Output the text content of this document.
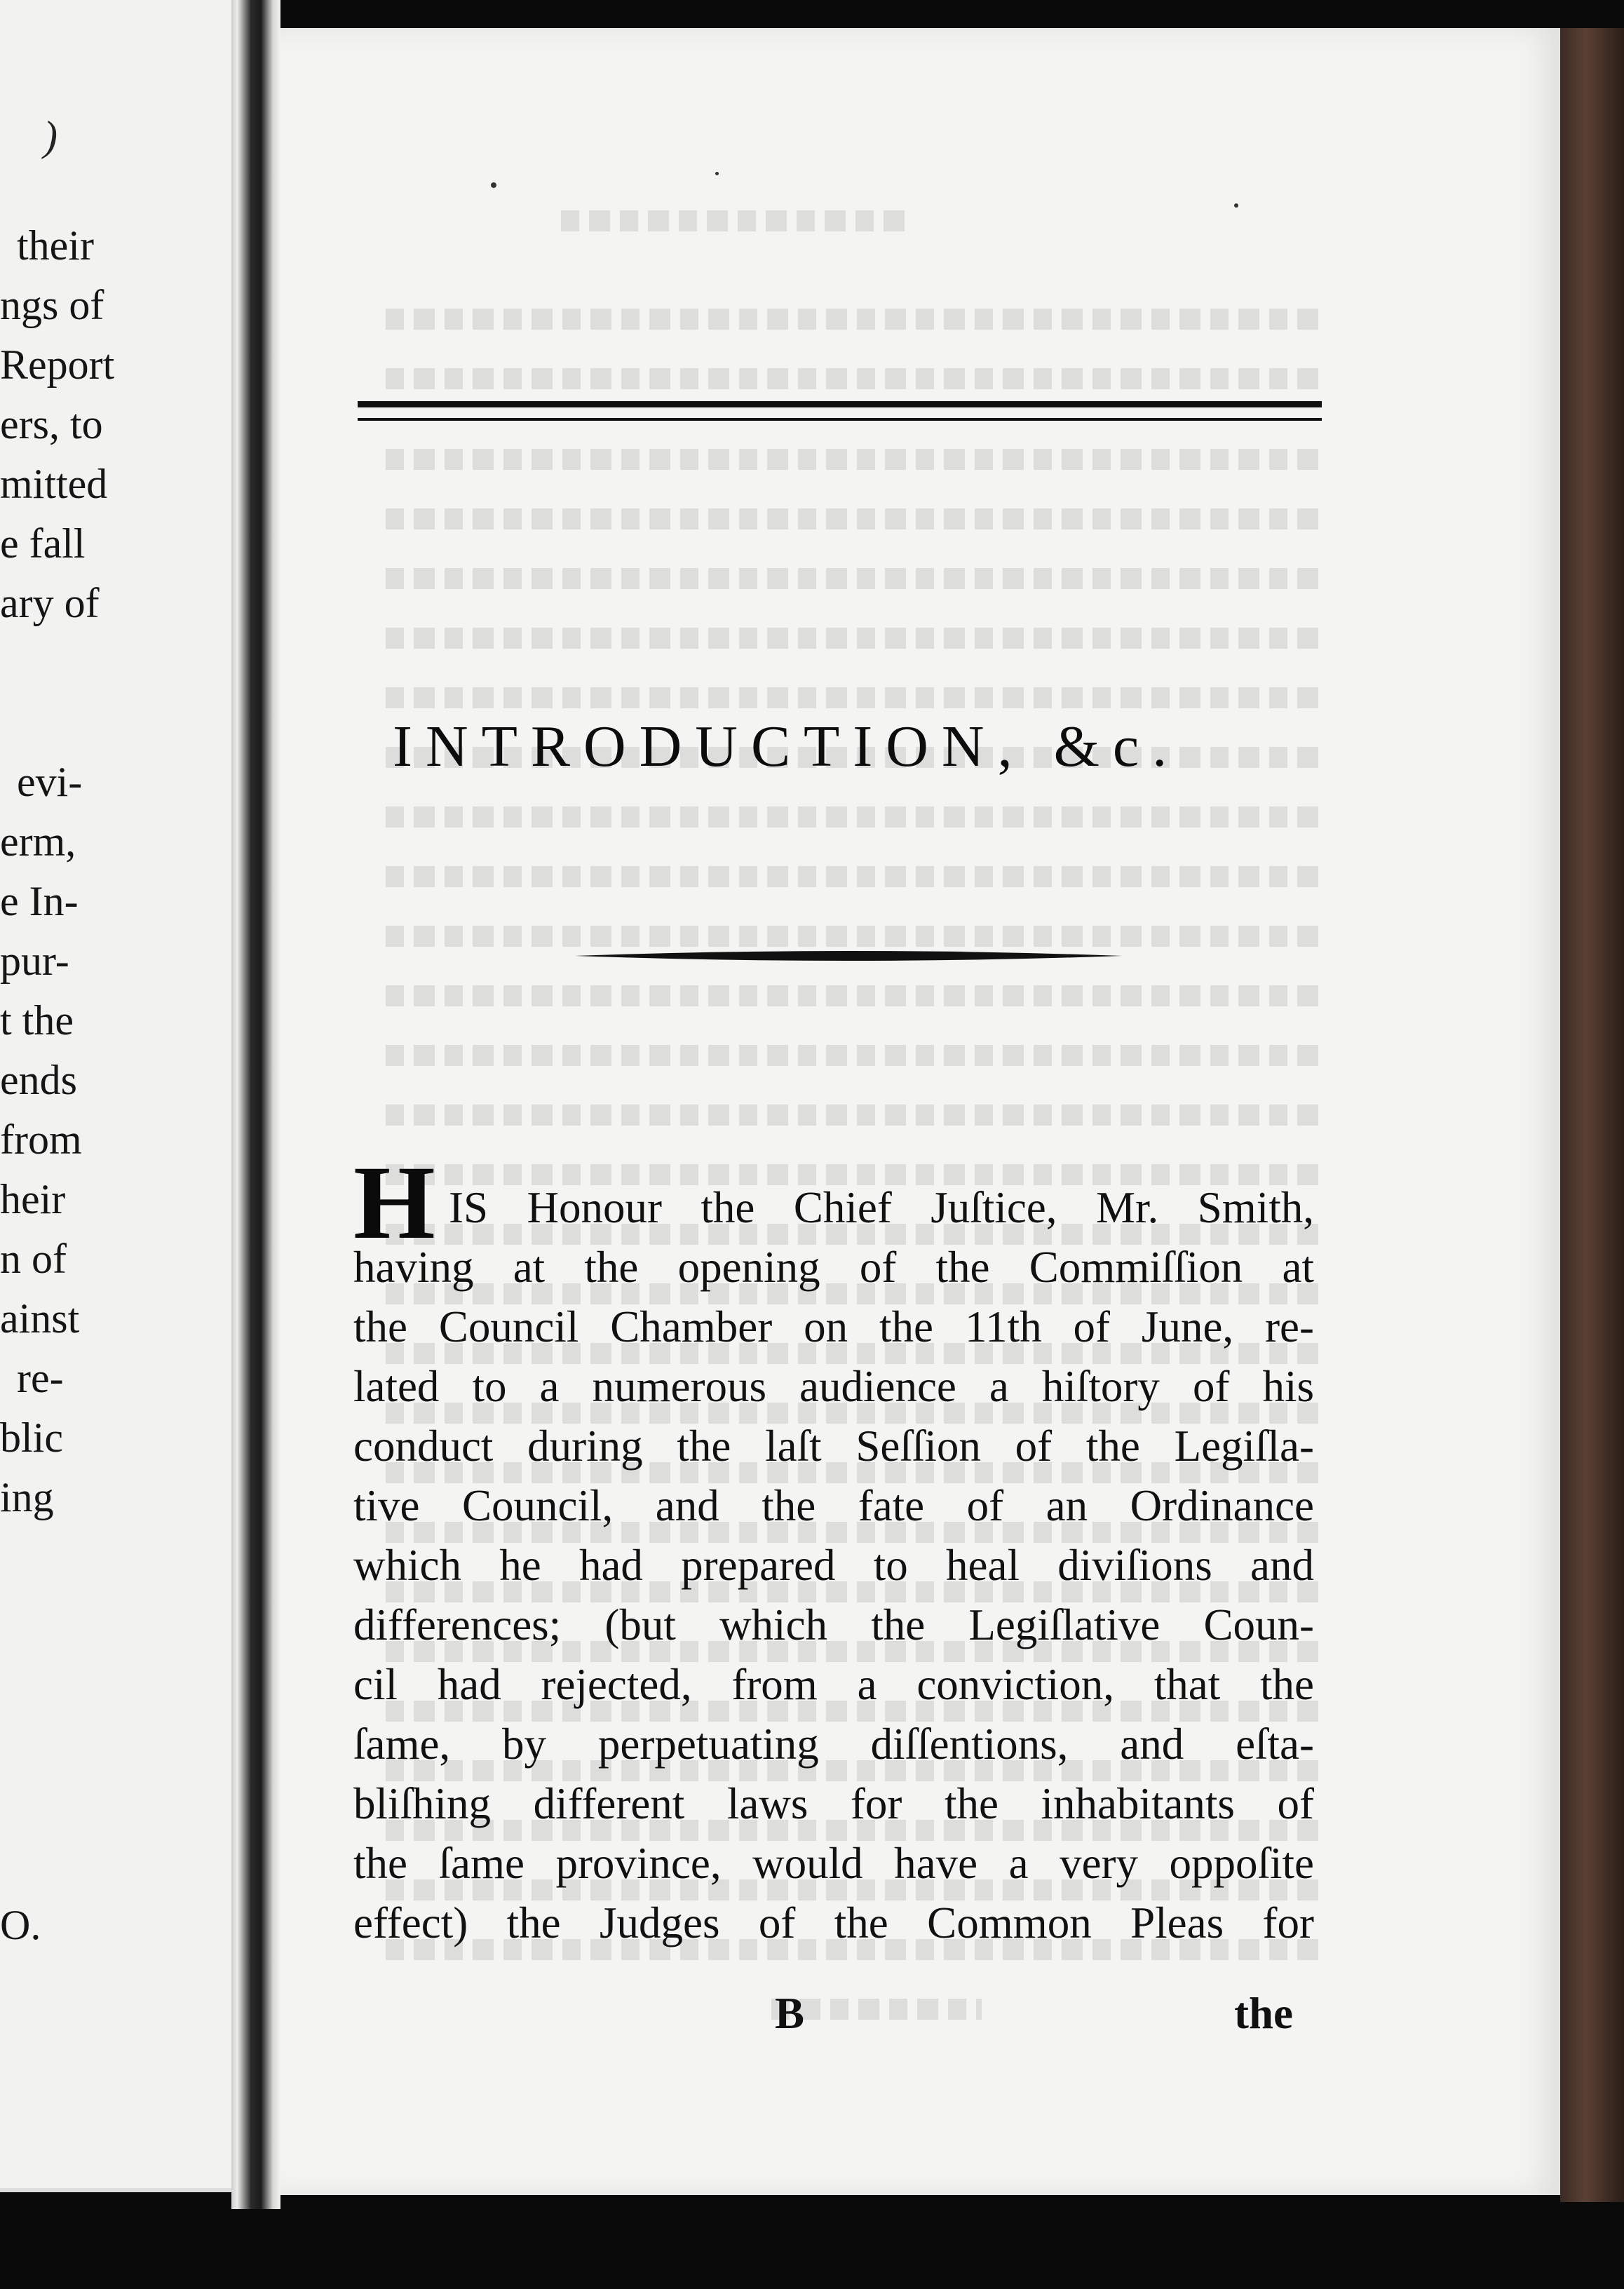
)
their
ngs of
Report
ers, to
mitted
e fall
ary of
evi-
erm,
e In-
pur-
t the
ends
from
heir
n of
ainst
re-
blic
ing
O.
INTRODUCTION, &c.
H IS Honour the Chief Juſtice, Mr. Smith,
having at the opening of the Commiſſion at
the Council Chamber on the 11th of June, re-
lated to a numerous audience a hiſtory of his
conduct during the laſt Seſſion of the Legiſla-
tive Council, and the fate of an Ordinance
which he had prepared to heal diviſions and
differences; (but which the Legiſlative Coun-
cil had rejected, from a conviction, that the
ſame, by perpetuating diſſentions, and eſta-
bliſhing different laws for the inhabitants of
the ſame province, would have a very oppoſite
effect) the Judges of the Common Pleas for
B	the
